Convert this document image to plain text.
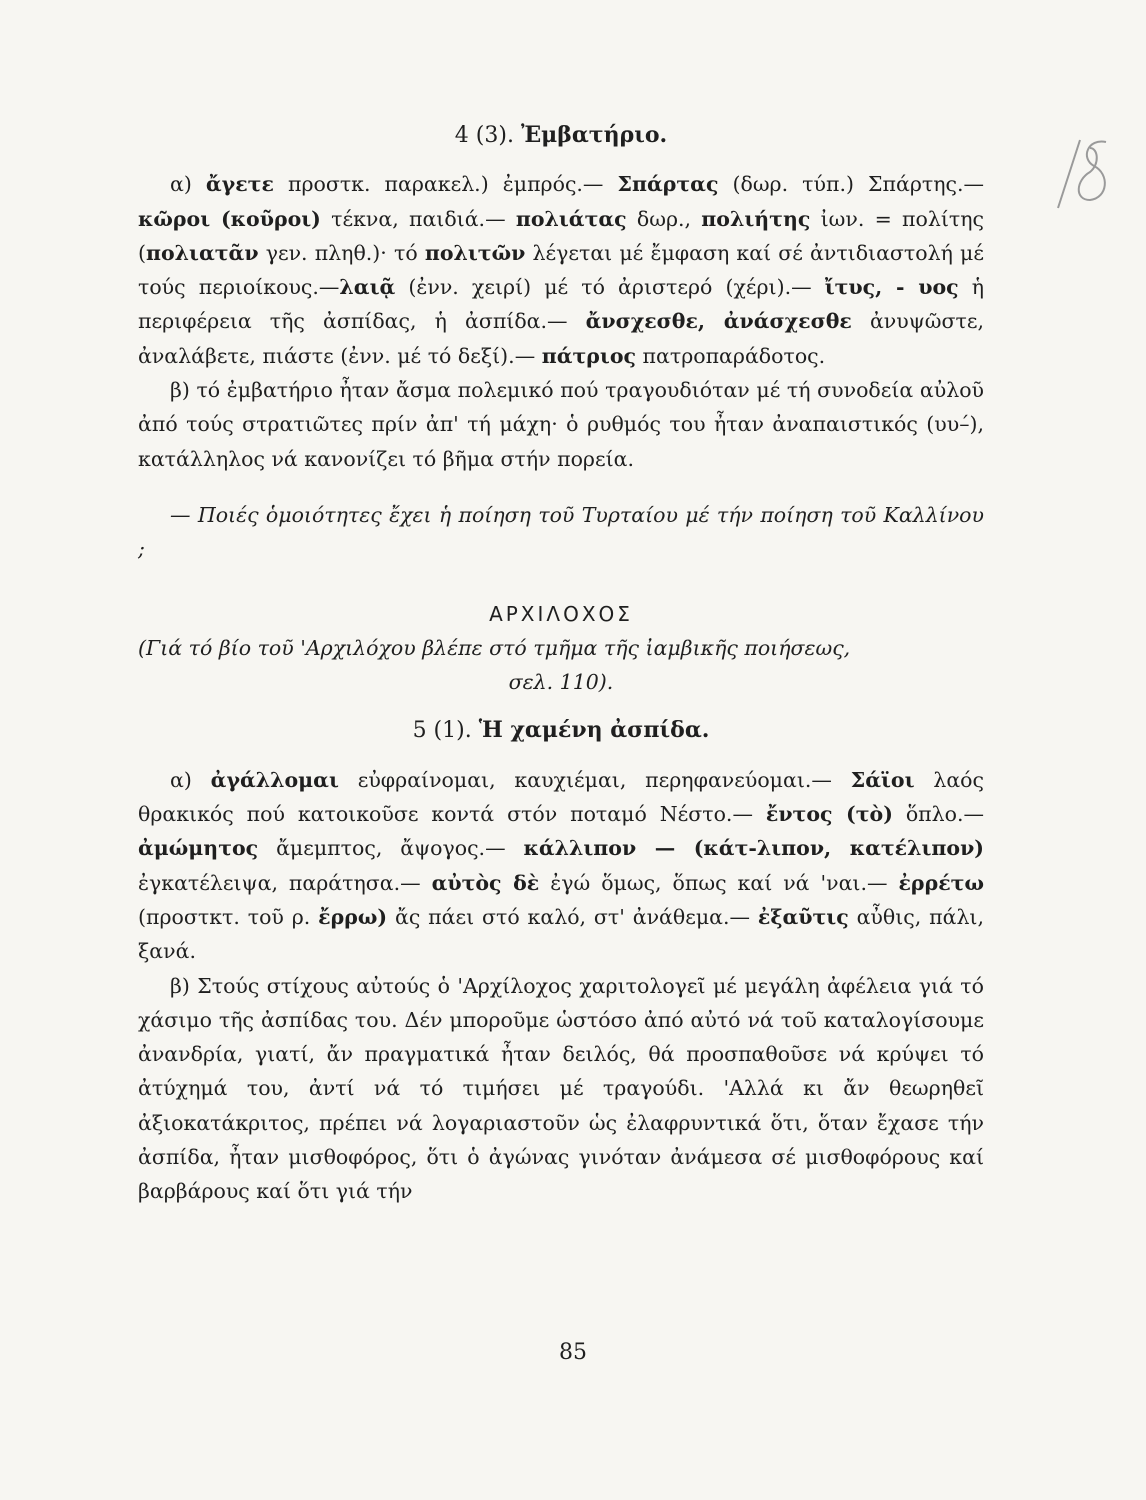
4 (3). Ἐμβατήριο.

α) ἄγετε προστκ. παρακελ.) ἐμπρός.— Σπάρτας (δωρ. τύπ.) Σπάρτης.— κῶροι (κοῦροι) τέκνα, παιδιά.— πολιάτας δωρ., πολιήτης ἰων. = πολίτης (πολιατᾶν γεν. πληθ.)· τό πολιτῶν λέγεται μέ ἔμφαση καί σέ ἀντιδιαστολή μέ τούς περιοίκους.—λαιᾷ (ἐνν. χειρί) μέ τό ἀριστερό (χέρι).— ἴτυς, - υος ἡ περιφέρεια τῆς ἀσπίδας, ἡ ἀσπίδα.— ἄνσχεσθε, ἀνάσχεσθε ἀνυψῶστε, ἀναλάβετε, πιάστε (ἐνν. μέ τό δεξί).— πάτριος πατροπαράδοτος.

β) τό ἐμβατήριο ἦταν ἄσμα πολεμικό πού τραγουδιόταν μέ τή συνοδεία αὐλοῦ ἀπό τούς στρατιῶτες πρίν ἀπ' τή μάχη· ὁ ρυθμός του ἦταν ἀναπαιστικός (υυ–́), κατάλληλος νά κανονίζει τό βῆμα στήν πορεία.

— Ποιές ὁμοιότητες ἔχει ἡ ποίηση τοῦ Τυρταίου μέ τήν ποίηση τοῦ Καλλίνου ;

ΑΡΧΙΛΟΧΟΣ

(Γιά τό βίο τοῦ 'Αρχιλόχου βλέπε στό τμῆμα τῆς ἰαμβικῆς ποιήσεως,
σελ. 110).

5 (1). Ἡ χαμένη ἀσπίδα.

α) ἀγάλλομαι εὐφραίνομαι, καυχιέμαι, περηφανεύομαι.— Σάϊοι λαός θρακικός πού κατοικοῦσε κοντά στόν ποταμό Νέστο.— ἔντος (τὸ) ὅπλο.— ἀμώμητος ἄμεμπτος, ἄψογος.— κάλλιπον — (κάτ-λιπον, κατέλιπον) ἐγκατέλειψα, παράτησα.— αὐτὸς δὲ ἐγώ ὅμως, ὅπως καί νά 'ναι.— ἐρρέτω (προστκτ. τοῦ ρ. ἔρρω) ἄς πάει στό καλό, στ' ἀνάθεμα.— ἐξαῦτις αὖθις, πάλι, ξανά.

β) Στούς στίχους αὐτούς ὁ 'Αρχίλοχος χαριτολογεῖ μέ μεγάλη ἀφέλεια γιά τό χάσιμο τῆς ἀσπίδας του. Δέν μποροῦμε ὡστόσο ἀπό αὐτό νά τοῦ καταλογίσουμε ἀνανδρία, γιατί, ἄν πραγματικά ἦταν δειλός, θά προσπαθοῦσε νά κρύψει τό ἀτύχημά του, ἀντί νά τό τιμήσει μέ τραγούδι. 'Αλλά κι ἄν θεωρηθεῖ ἀξιοκατάκριτος, πρέπει νά λογαριαστοῦν ὡς ἐλαφρυντικά ὅτι, ὅταν ἔχασε τήν ἀσπίδα, ἦταν μισθοφόρος, ὅτι ὁ ἀγώνας γινόταν ἀνάμεσα σέ μισθοφόρους καί βαρβάρους καί ὅτι γιά τήν

85
